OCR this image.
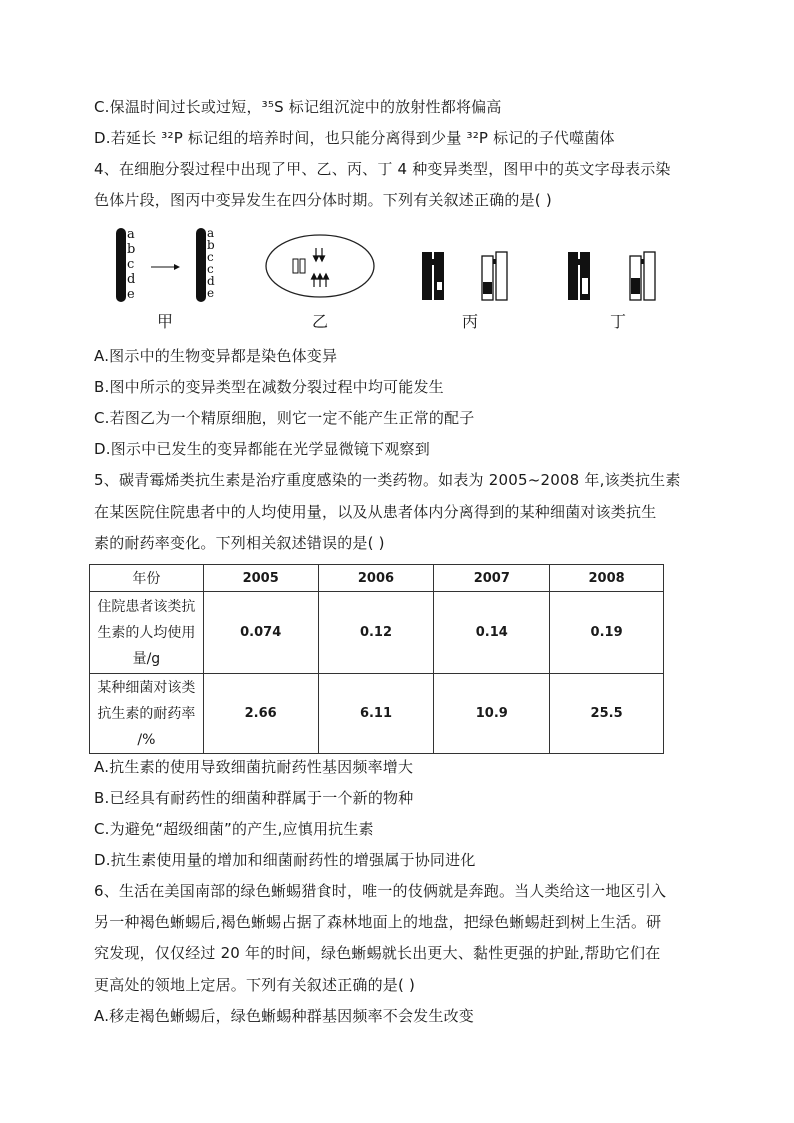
C.保温时间过长或过短，³⁵S 标记组沉淀中的放射性都将偏高
D.若延长 ³²P 标记组的培养时间，也只能分离得到少量 ³²P 标记的子代噬菌体
4、在细胞分裂过程中出现了甲、乙、丙、丁 4 种变异类型，图甲中的英文字母表示染
色体片段，图丙中变异发生在四分体时期。下列有关叙述正确的是( )
a
b
c
d
e
a
b
c
c
d
e
甲	乙	丙	丁
A.图示中的生物变异都是染色体变异
B.图中所示的变异类型在减数分裂过程中均可能发生
C.若图乙为一个精原细胞，则它一定不能产生正常的配子
D.图示中已发生的变异都能在光学显微镜下观察到
5、碳青霉烯类抗生素是治疗重度感染的一类药物。如表为 2005~2008 年,该类抗生素
在某医院住院患者中的人均使用量，以及从患者体内分离得到的某种细菌对该类抗生
素的耐药率变化。下列相关叙述错误的是( )
年份	2005	2006	2007	2008

住院患者该类抗
生素的人均使用
量/g	0.074	0.12	0.14	0.19

某种细菌对该类
抗生素的耐药率
/%	2.66	6.11	10.9	25.5
A.抗生素的使用导致细菌抗耐药性基因频率增大
B.已经具有耐药性的细菌种群属于一个新的物种
C.为避免“超级细菌”的产生,应慎用抗生素
D.抗生素使用量的增加和细菌耐药性的增强属于协同进化
6、生活在美国南部的绿色蜥蜴猎食时，唯一的伎俩就是奔跑。当人类给这一地区引入
另一种褐色蜥蜴后,褐色蜥蜴占据了森林地面上的地盘，把绿色蜥蜴赶到树上生活。研
究发现，仅仅经过 20 年的时间，绿色蜥蜴就长出更大、黏性更强的护趾,帮助它们在
更高处的领地上定居。下列有关叙述正确的是( )
A.移走褐色蜥蜴后，绿色蜥蜴种群基因频率不会发生改变
